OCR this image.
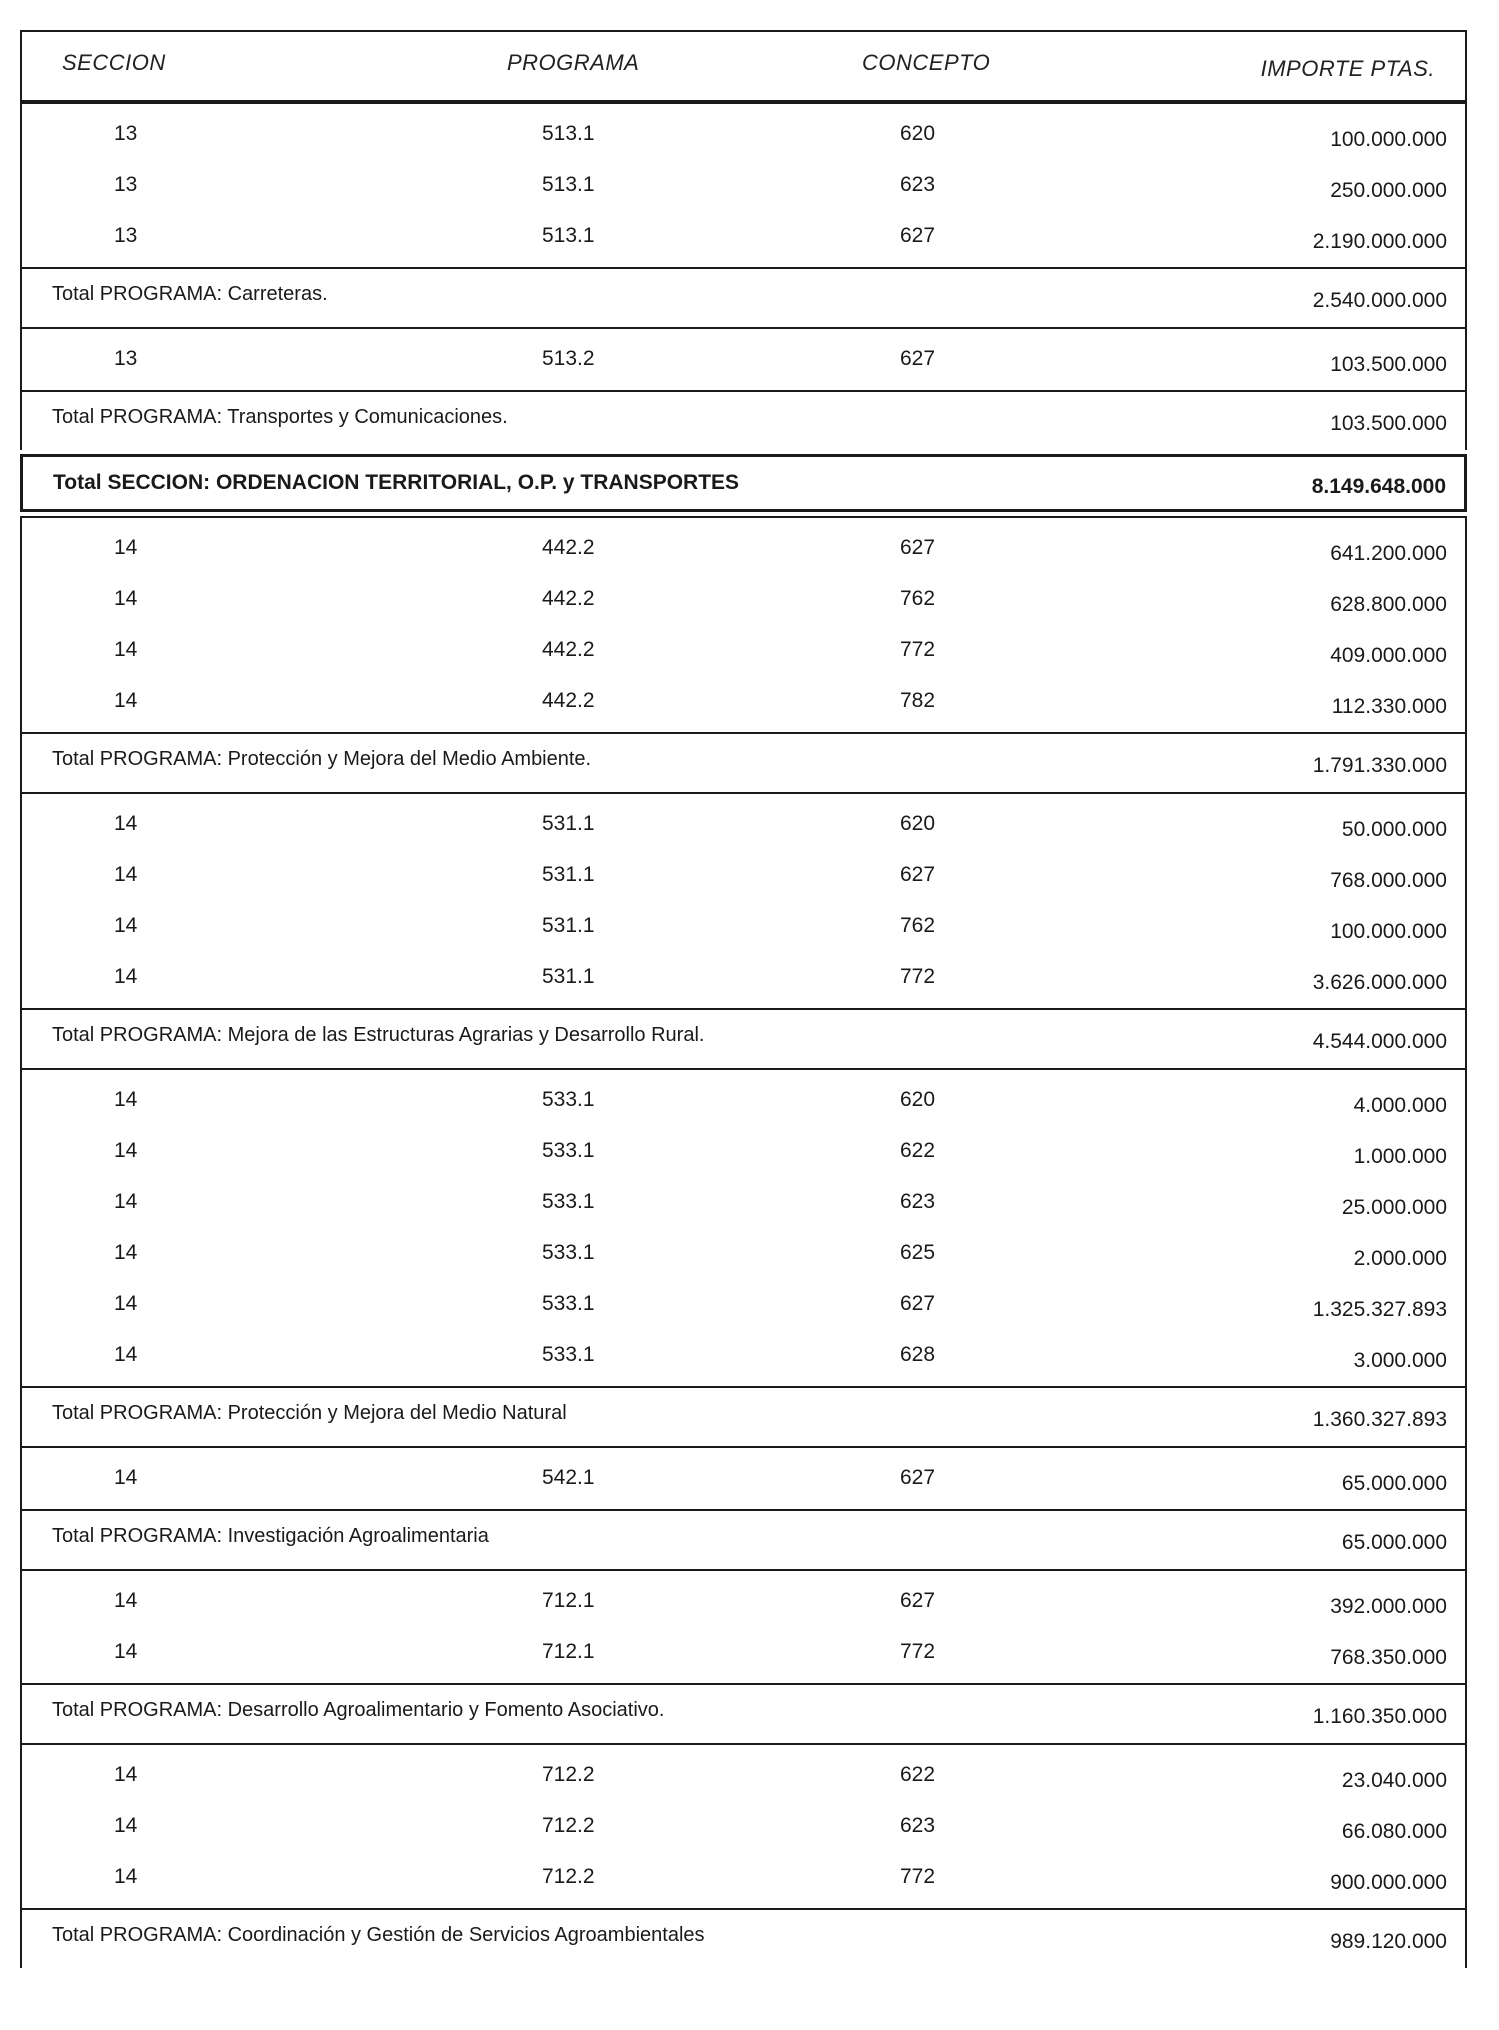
SECCION	PROGRAMA	CONCEPTO	IMPORTE PTAS.
13	513.1	620	100.000.000
13	513.1	623	250.000.000
13	513.1	627	2.190.000.000
Total PROGRAMA: Carreteras.	2.540.000.000
13	513.2	627	103.500.000
Total PROGRAMA: Transportes y Comunicaciones.	103.500.000
Total SECCION: ORDENACION TERRITORIAL, O.P. y TRANSPORTES	8.149.648.000
14	442.2	627	641.200.000
14	442.2	762	628.800.000
14	442.2	772	409.000.000
14	442.2	782	112.330.000
Total PROGRAMA: Protección y Mejora del Medio Ambiente.	1.791.330.000
14	531.1	620	50.000.000
14	531.1	627	768.000.000
14	531.1	762	100.000.000
14	531.1	772	3.626.000.000
Total PROGRAMA: Mejora de las Estructuras Agrarias y Desarrollo Rural.	4.544.000.000
14	533.1	620	4.000.000
14	533.1	622	1.000.000
14	533.1	623	25.000.000
14	533.1	625	2.000.000
14	533.1	627	1.325.327.893
14	533.1	628	3.000.000
Total PROGRAMA: Protección y Mejora del Medio Natural	1.360.327.893
14	542.1	627	65.000.000
Total PROGRAMA: Investigación Agroalimentaria	65.000.000
14	712.1	627	392.000.000
14	712.1	772	768.350.000
Total PROGRAMA: Desarrollo Agroalimentario y Fomento Asociativo.	1.160.350.000
14	712.2	622	23.040.000
14	712.2	623	66.080.000
14	712.2	772	900.000.000
Total PROGRAMA: Coordinación y Gestión de Servicios Agroambientales	989.120.000
